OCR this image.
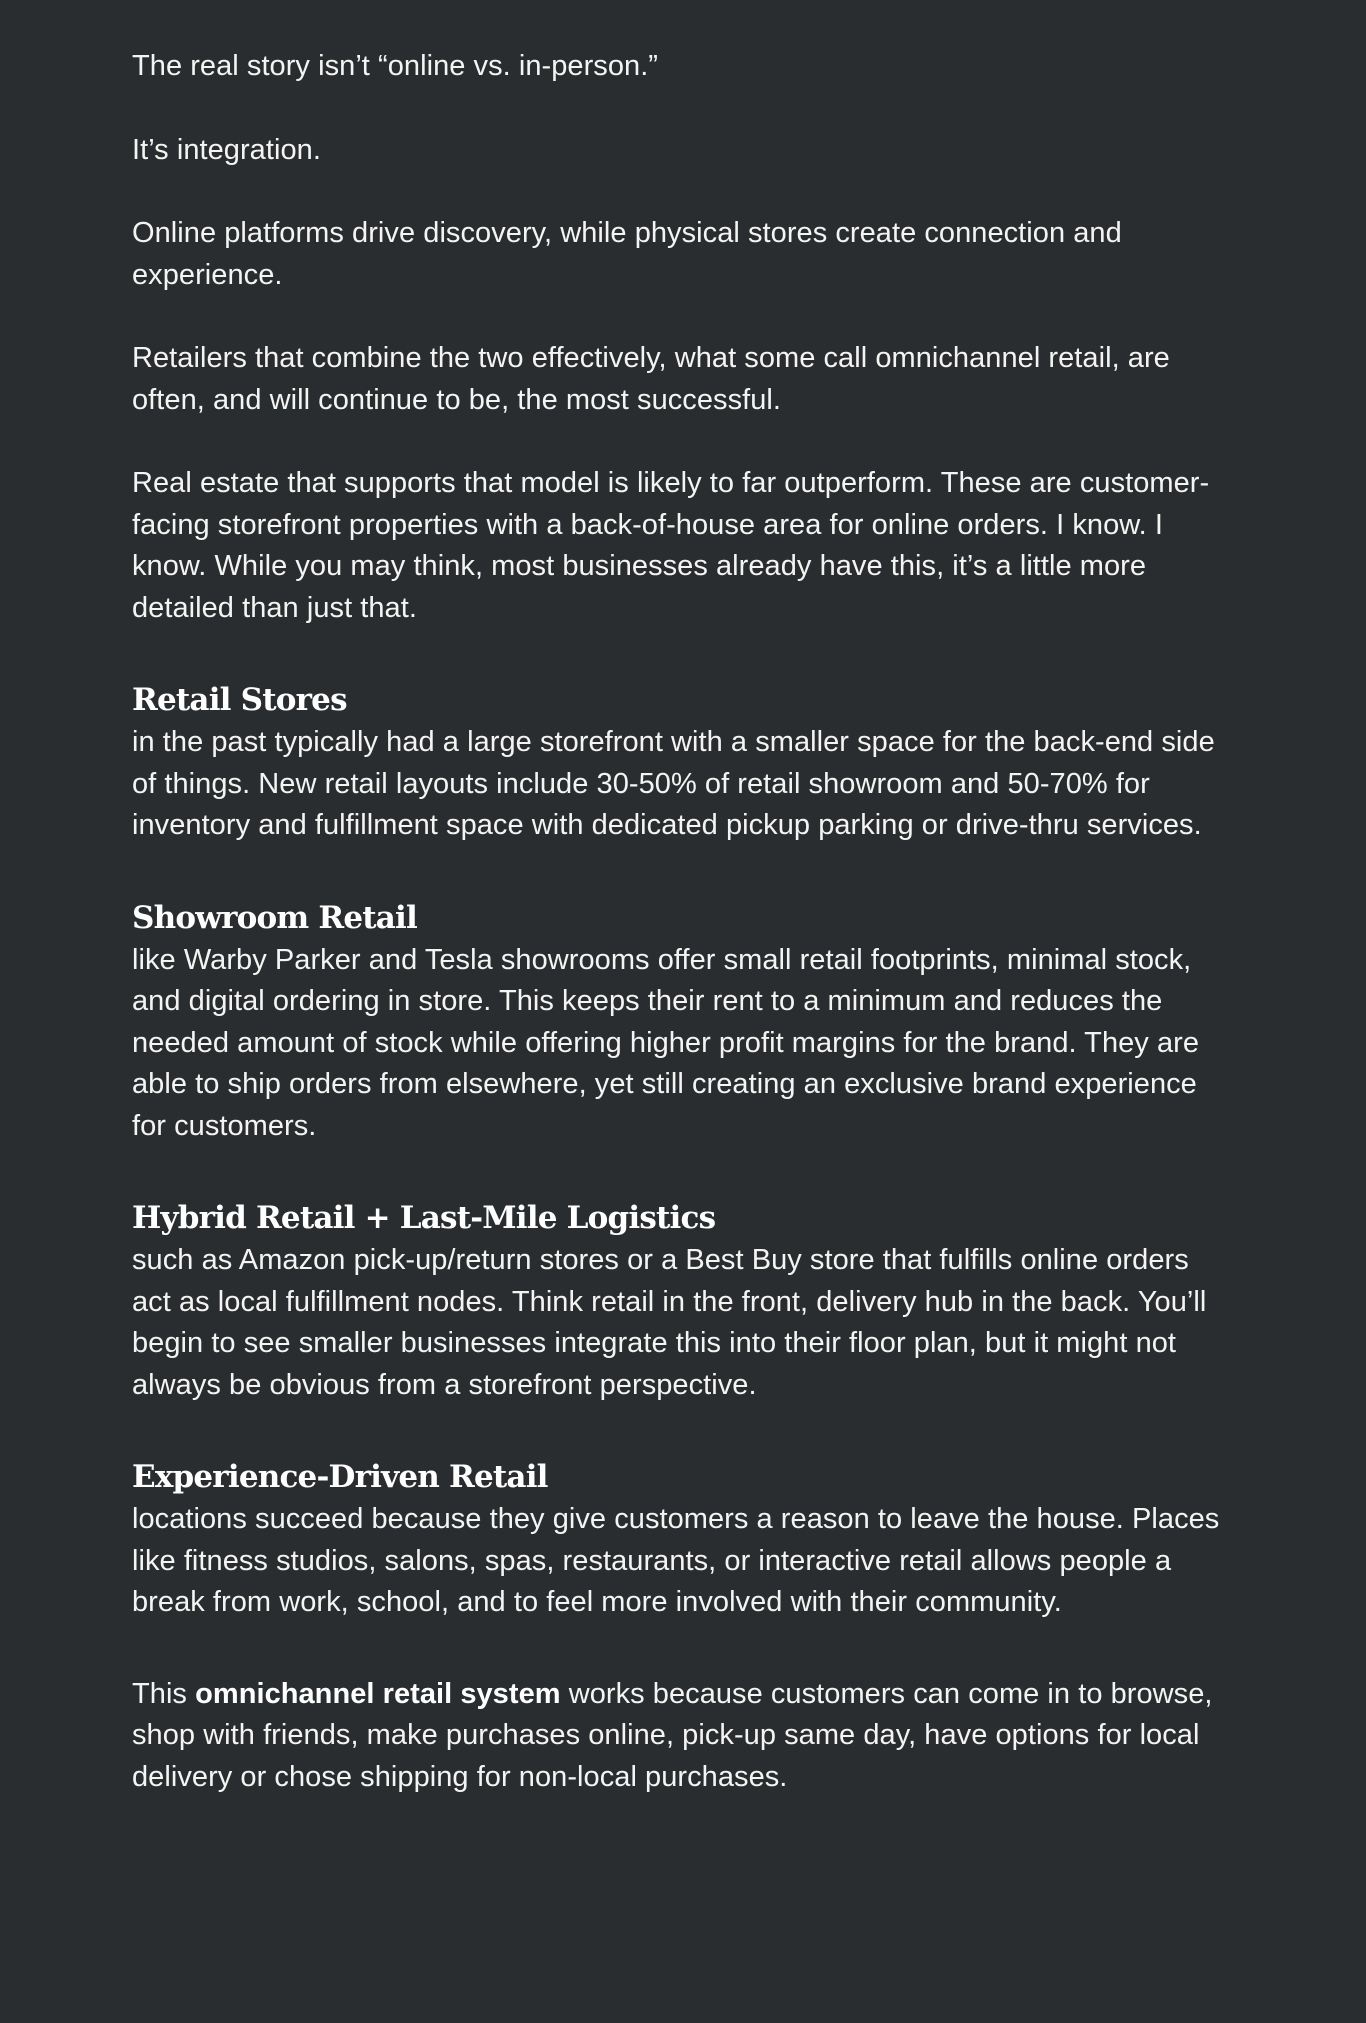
The real story isn’t “online vs. in-person.”

It’s integration.

Online platforms drive discovery, while physical stores create connection and experience.

Retailers that combine the two effectively, what some call omnichannel retail, are often, and will continue to be, the most successful.

Real estate that supports that model is likely to far outperform. These are customer-facing storefront properties with a back-of-house area for online orders. I know. I know. While you may think, most businesses already have this, it’s a little more detailed than just that.

Retail Stores

in the past typically had a large storefront with a smaller space for the back-end side of things. New retail layouts include 30-50% of retail showroom and 50-70% for inventory and fulfillment space with dedicated pickup parking or drive-thru services.

Showroom Retail

like Warby Parker and Tesla showrooms offer small retail footprints, minimal stock, and digital ordering in store. This keeps their rent to a minimum and reduces the needed amount of stock while offering higher profit margins for the brand. They are able to ship orders from elsewhere, yet still creating an exclusive brand experience for customers.

Hybrid Retail + Last-Mile Logistics

such as Amazon pick-up/return stores or a Best Buy store that fulfills online orders act as local fulfillment nodes. Think retail in the front, delivery hub in the back. You’ll begin to see smaller businesses integrate this into their floor plan, but it might not always be obvious from a storefront perspective.

Experience-Driven Retail

locations succeed because they give customers a reason to leave the house. Places like fitness studios, salons, spas, restaurants, or interactive retail allows people a break from work, school, and to feel more involved with their community.

This omnichannel retail system works because customers can come in to browse, shop with friends, make purchases online, pick-up same day, have options for local delivery or chose shipping for non-local purchases.
